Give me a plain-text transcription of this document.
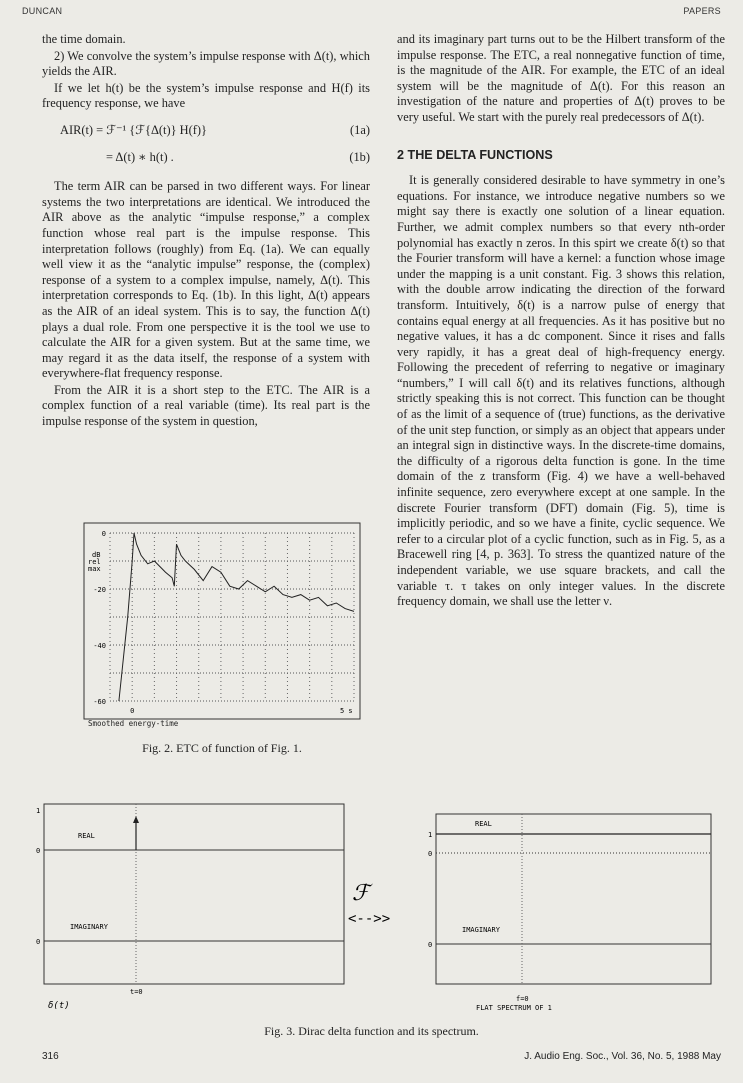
DUNCAN	PAPERS

the time domain.

2) We convolve the system’s impulse response with Δ(t), which yields the AIR.

If we let h(t) be the system’s impulse response and H(f) its frequency response, we have

AIR(t) = ℱ⁻¹ {ℱ{Δ(t)} H(f)}	(1a)
= Δ(t) ∗ h(t) .	(1b)

The term AIR can be parsed in two different ways. For linear systems the two interpretations are identical. We introduced the AIR above as the analytic “impulse response,” a complex function whose real part is the impulse response. This interpretation follows (roughly) from Eq. (1a). We can equally well view it as the “analytic impulse” response, the (complex) response of a system to a complex impulse, namely, Δ(t). This interpretation corresponds to Eq. (1b). In this light, Δ(t) appears as the AIR of an ideal system. This is to say, the function Δ(t) plays a dual role. From one perspective it is the tool we use to calculate the AIR for a given system. But at the same time, we may regard it as the data itself, the response of a system with everywhere-flat frequency response.

From the AIR it is a short step to the ETC. The AIR is a complex function of a real variable (time). Its real part is the impulse response of the system in question,

and its imaginary part turns out to be the Hilbert transform of the impulse response. The ETC, a real nonnegative function of time, is the magnitude of the AIR. For example, the ETC of an ideal system will be the magnitude of Δ(t). For this reason an investigation of the nature and properties of Δ(t) proves to be very useful. We start with the purely real predecessors of Δ(t).

2 THE DELTA FUNCTIONS

It is generally considered desirable to have symmetry in one’s equations. For instance, we introduce negative numbers so we might say there is exactly one solution of a linear equation. Further, we admit complex numbers so that every nth-order polynomial has exactly n zeros. In this spirt we create δ(t) so that the Fourier transform will have a kernel: a function whose image under the mapping is a unit constant. Fig. 3 shows this relation, with the double arrow indicating the direction of the forward transform. Intuitively, δ(t) is a narrow pulse of energy that contains equal energy at all frequencies. As it has positive but no negative values, it has a dc component. Since it rises and falls very rapidly, it has a great deal of high-frequency energy. Following the precedent of referring to negative or imaginary “numbers,” I will call δ(t) and its relatives functions, although strictly speaking this is not correct. This function can be thought of as the limit of a sequence of (true) functions, as the derivative of the unit step function, or simply as an object that appears under an integral sign in distinctive ways. In the discrete-time domains, the difficulty of a rigorous delta function is gone. In the time domain of the z transform (Fig. 4) we have a well-behaved infinite sequence, zero everywhere except at one sample. In the discrete Fourier transform (DFT) domain (Fig. 5), time is implicitly periodic, and so we have a finite, cyclic sequence. We refer to a circular plot of a cyclic function, such as in Fig. 5, as a Bracewell ring [4, p. 363]. To stress the quantized nature of the independent variable, we use square brackets, and call the variable τ. τ takes on only integer values. In the discrete frequency domain, we shall use the letter ν.

dB
rel
max
0
-20
-40
-60
0	5 s
Smoothed energy-time
Fig. 2. ETC of function of Fig. 1.
1
0
0
REAL
IMAGINARY
t=0
δ(t)
ℱ
<-->>
1
0
0
REAL
IMAGINARY
f=0
FLAT SPECTRUM OF 1
Fig. 3. Dirac delta function and its spectrum.
316	J. Audio Eng. Soc., Vol. 36, No. 5, 1988 May
